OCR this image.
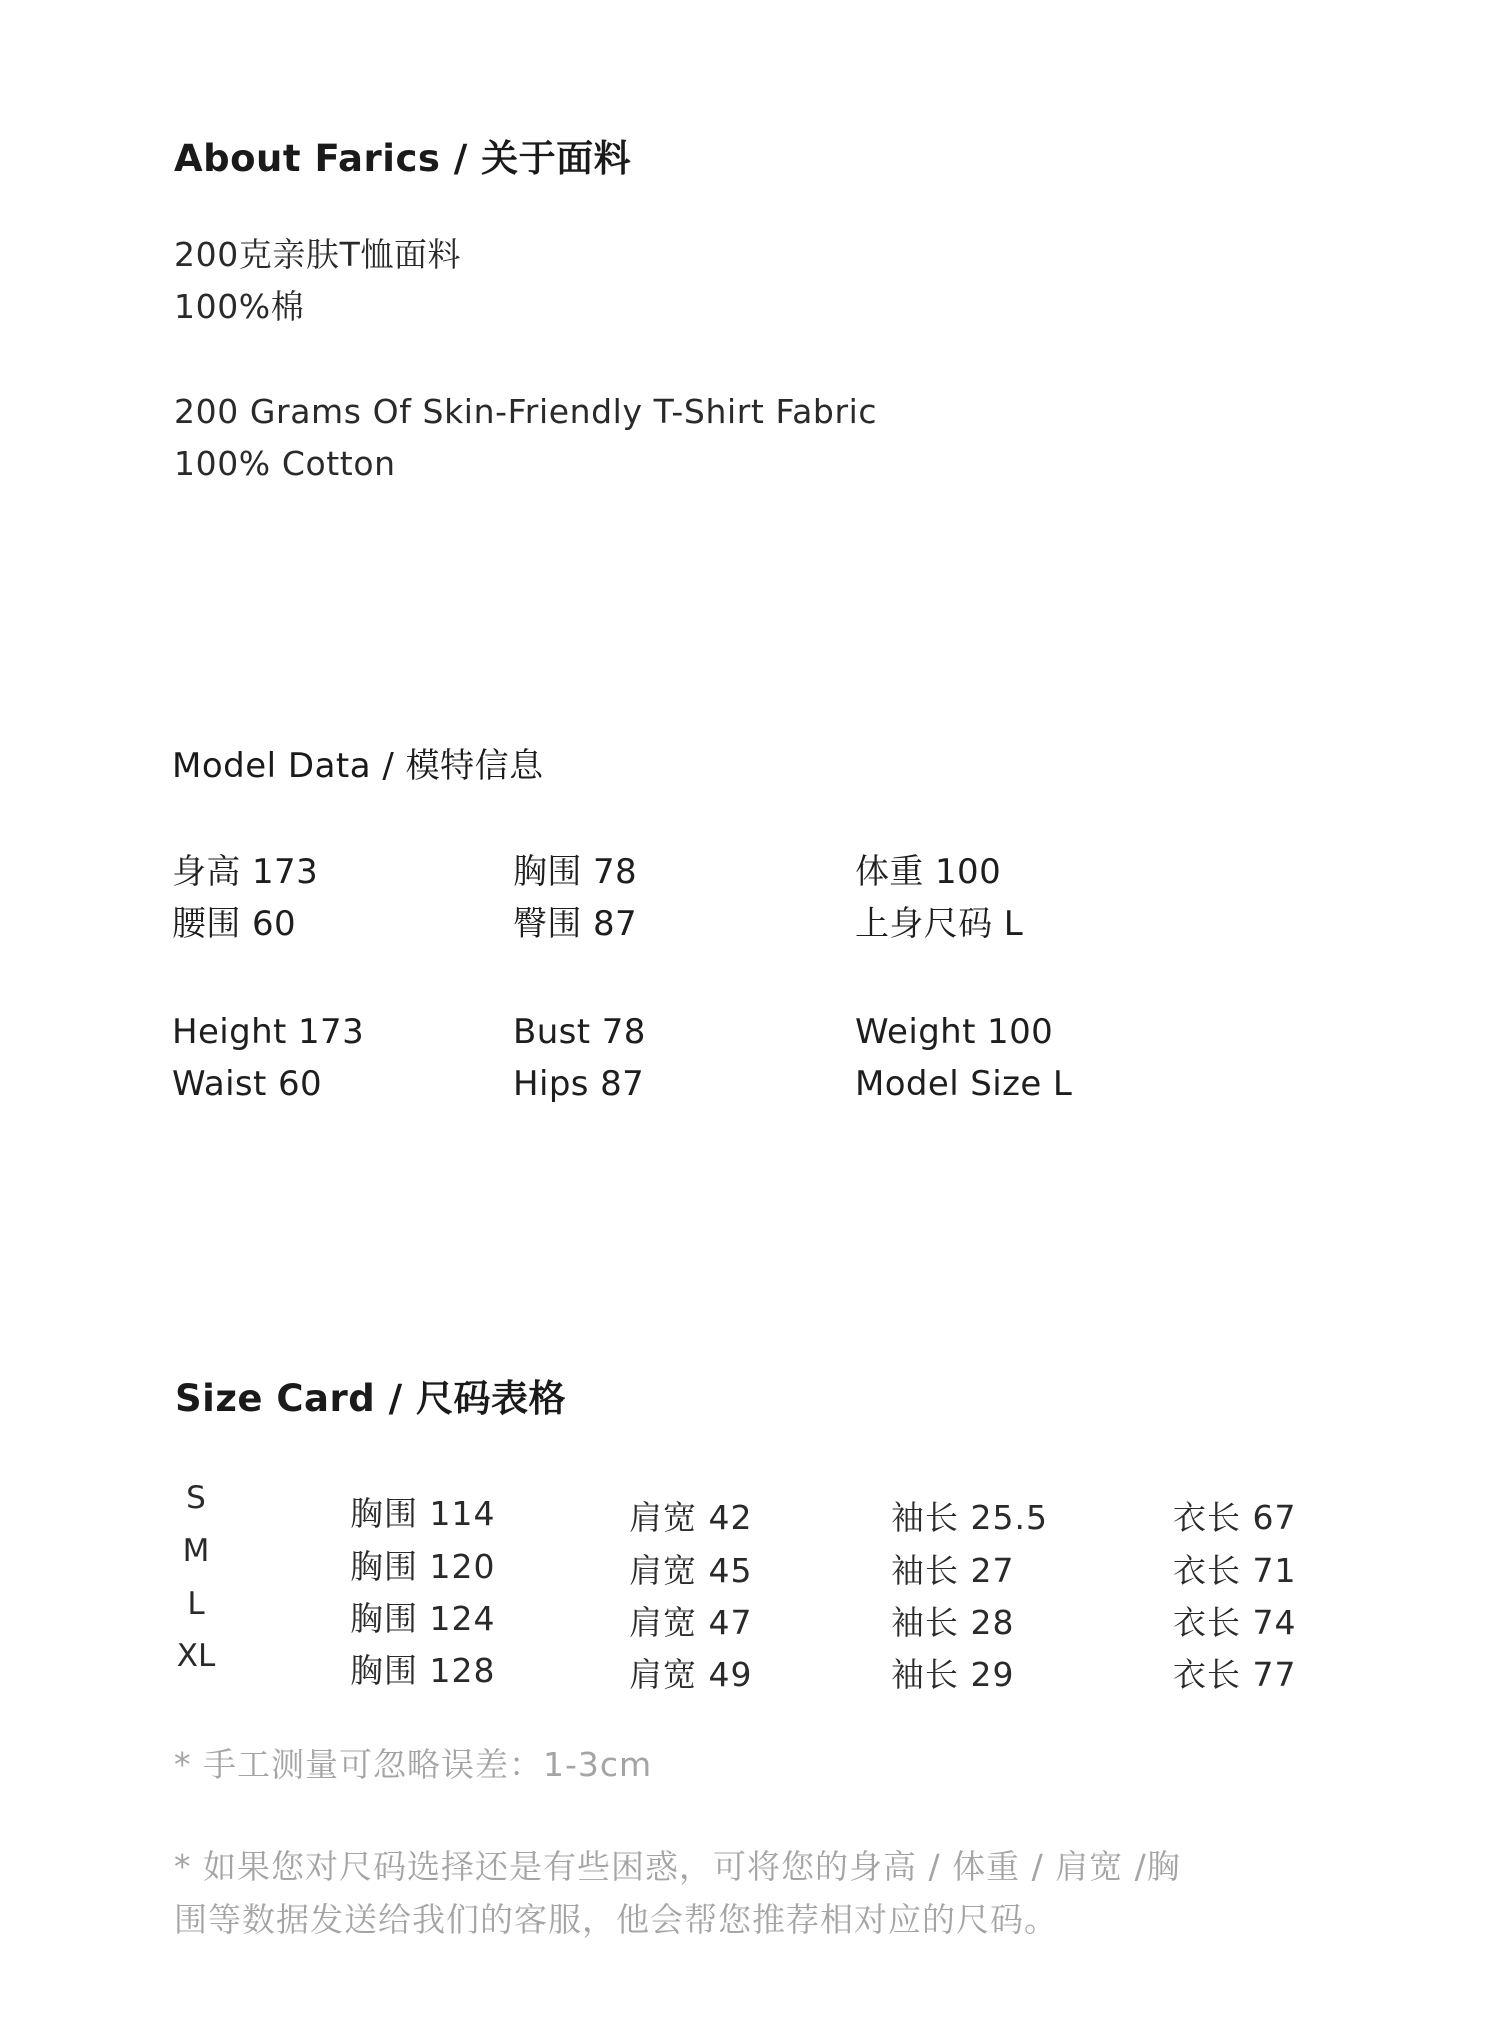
About Farics / 关于面料
200克亲肤T恤面料
100%棉
200 Grams Of Skin-Friendly T-Shirt Fabric
100% Cotton
Model Data / 模特信息
身高 173	胸围 78	体重 100
腰围 60	臀围 87	上身尺码 L
Height 173	Bust 78	Weight 100
Waist 60	Hips 87	Model Size L
Size Card / 尺码表格
S	胸围 114	肩宽 42	袖长 25.5	衣长 67
M	胸围 120	肩宽 45	袖长 27	衣长 71
L	胸围 124	肩宽 47	袖长 28	衣长 74
XL	胸围 128	肩宽 49	袖长 29	衣长 77
* 手工测量可忽略误差：1-3cm
* 如果您对尺码选择还是有些困惑，可将您的身高 / 体重 / 肩宽 /胸
围等数据发送给我们的客服，他会帮您推荐相对应的尺码。
